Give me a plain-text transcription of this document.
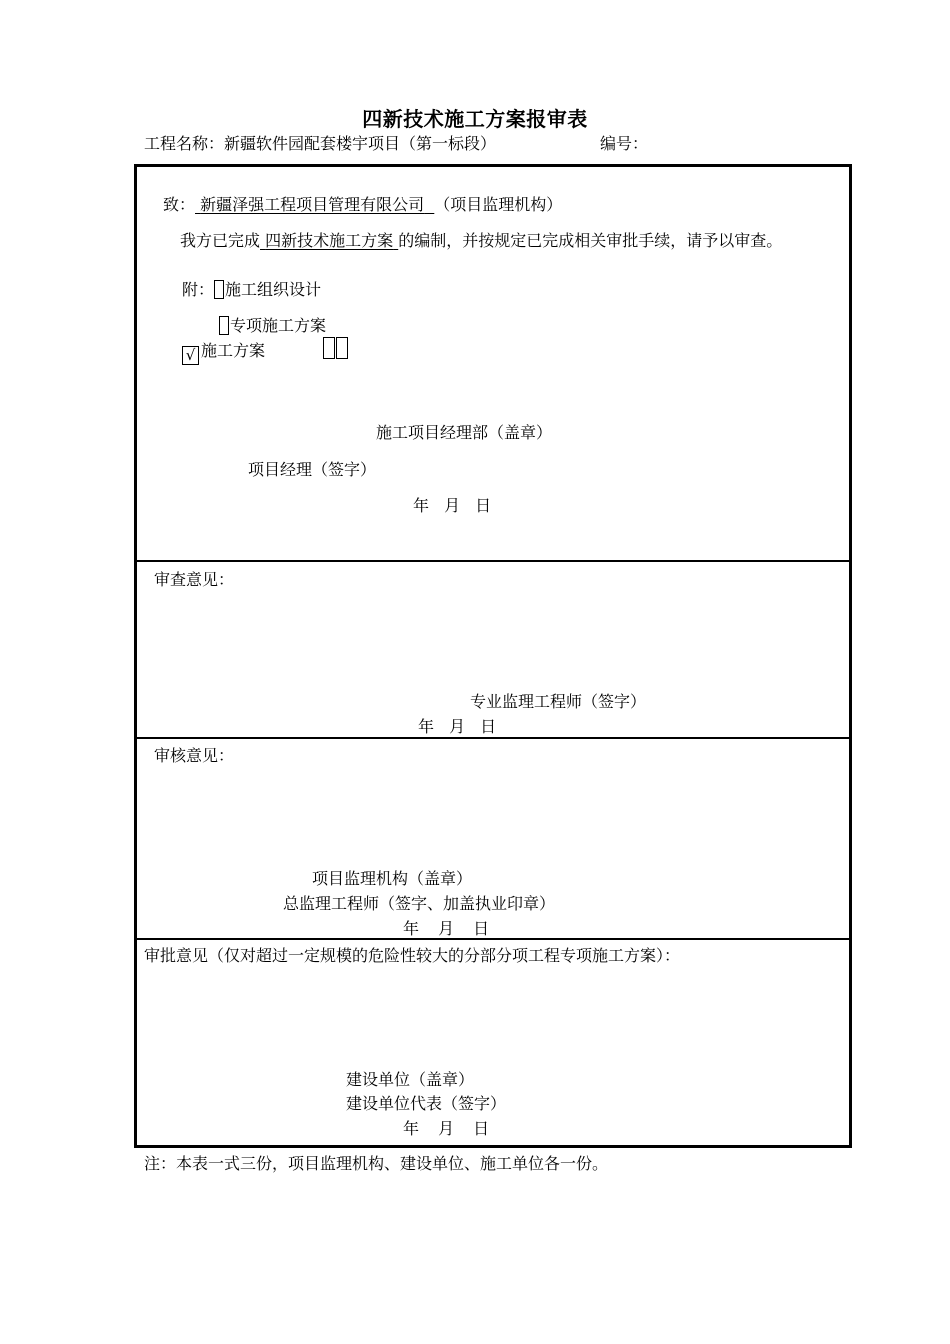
四新技术施工方案报审表
工程名称：新疆软件园配套楼宇项目（第一标段）	编号：
致： 新疆泽强工程项目管理有限公司 （项目监理机构）
我方已完成 四新技术施工方案 的编制，并按规定已完成相关审批手续，请予以审查。
附： 施工组织设计
专项施工方案
√ 施工方案
施工项目经理部（盖章）
项目经理（签字）
年 月 日
审查意见：
专业监理工程师（签字）
年 月 日
审核意见：
项目监理机构（盖章）
总监理工程师（签字、加盖执业印章）
年 月 日
审批意见（仅对超过一定规模的危险性较大的分部分项工程专项施工方案）：
建设单位（盖章）
建设单位代表（签字）
年 月 日
注：本表一式三份，项目监理机构、建设单位、施工单位各一份。
